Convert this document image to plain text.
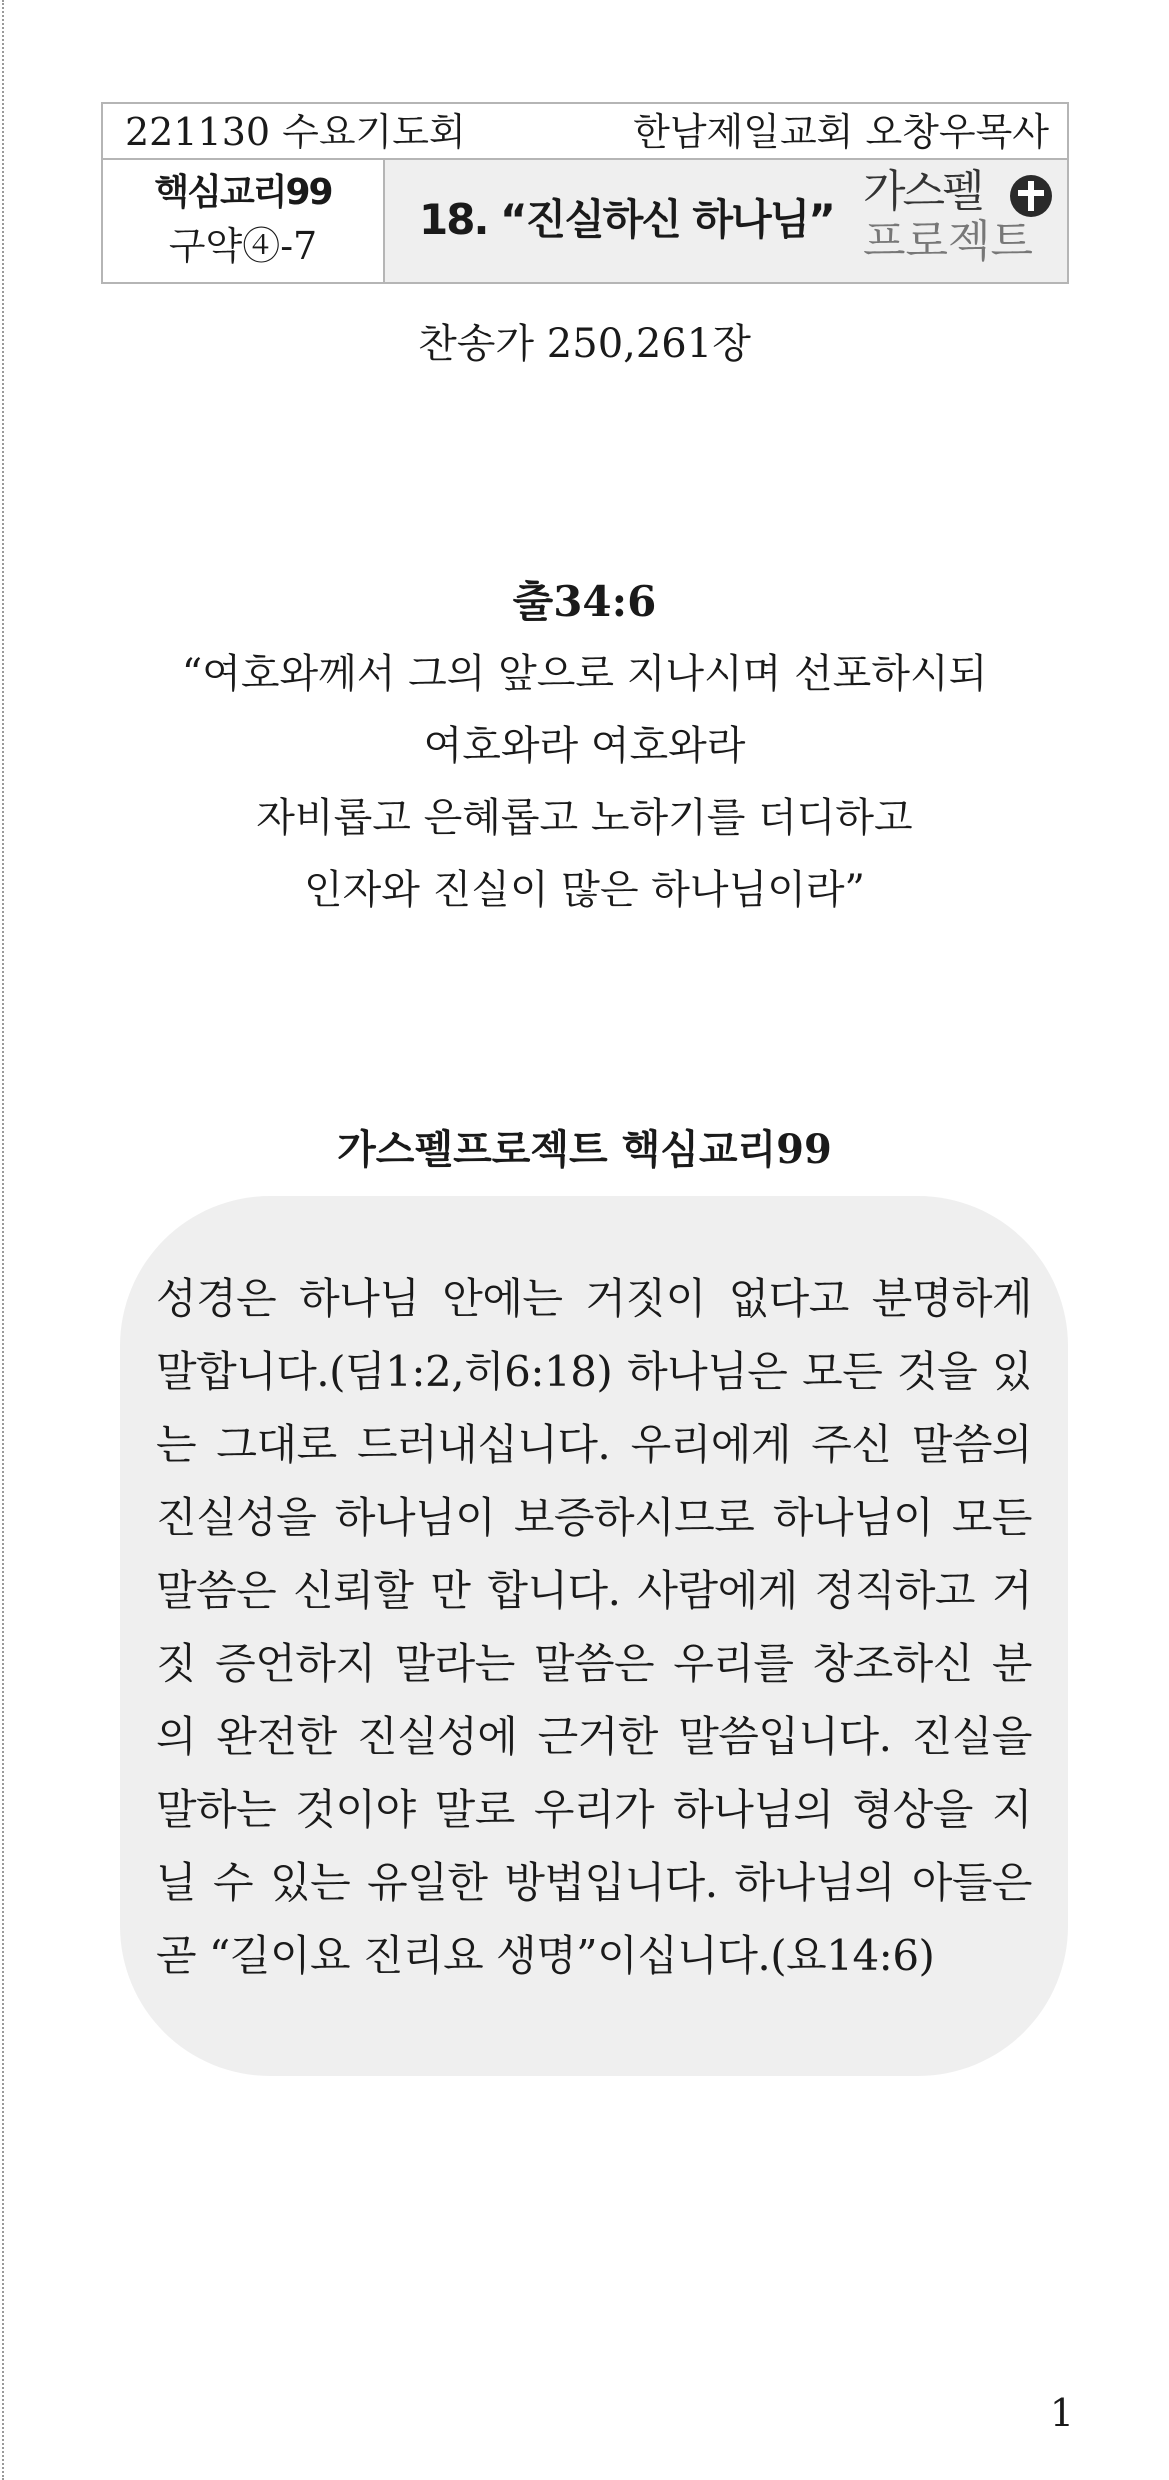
221130 수요기도회	한남제일교회 오창우목사
핵심교리99
구약④-7
18. “진실하신 하나님”
가스펠
프로젝트
찬송가 250,261장
출34:6
“여호와께서 그의 앞으로 지나시며 선포하시되
여호와라 여호와라
자비롭고 은혜롭고 노하기를 더디하고
인자와 진실이 많은 하나님이라”
가스펠프로젝트 핵심교리99
성경은 하나님 안에는 거짓이 없다고 분명하게 말합니다.(딤1:2,히6:18) 하나님은 모든 것을 있는 그대로 드러내십니다. 우리에게 주신 말씀의 진실성을 하나님이 보증하시므로 하나님이 모든 말씀은 신뢰할 만 합니다. 사람에게 정직하고 거짓 증언하지 말라는 말씀은 우리를 창조하신 분의 완전한 진실성에 근거한 말씀입니다. 진실을 말하는 것이야 말로 우리가 하나님의 형상을 지닐 수 있는 유일한 방법입니다. 하나님의 아들은 곧 “길이요 진리요 생명”이십니다.(요14:6)
1
